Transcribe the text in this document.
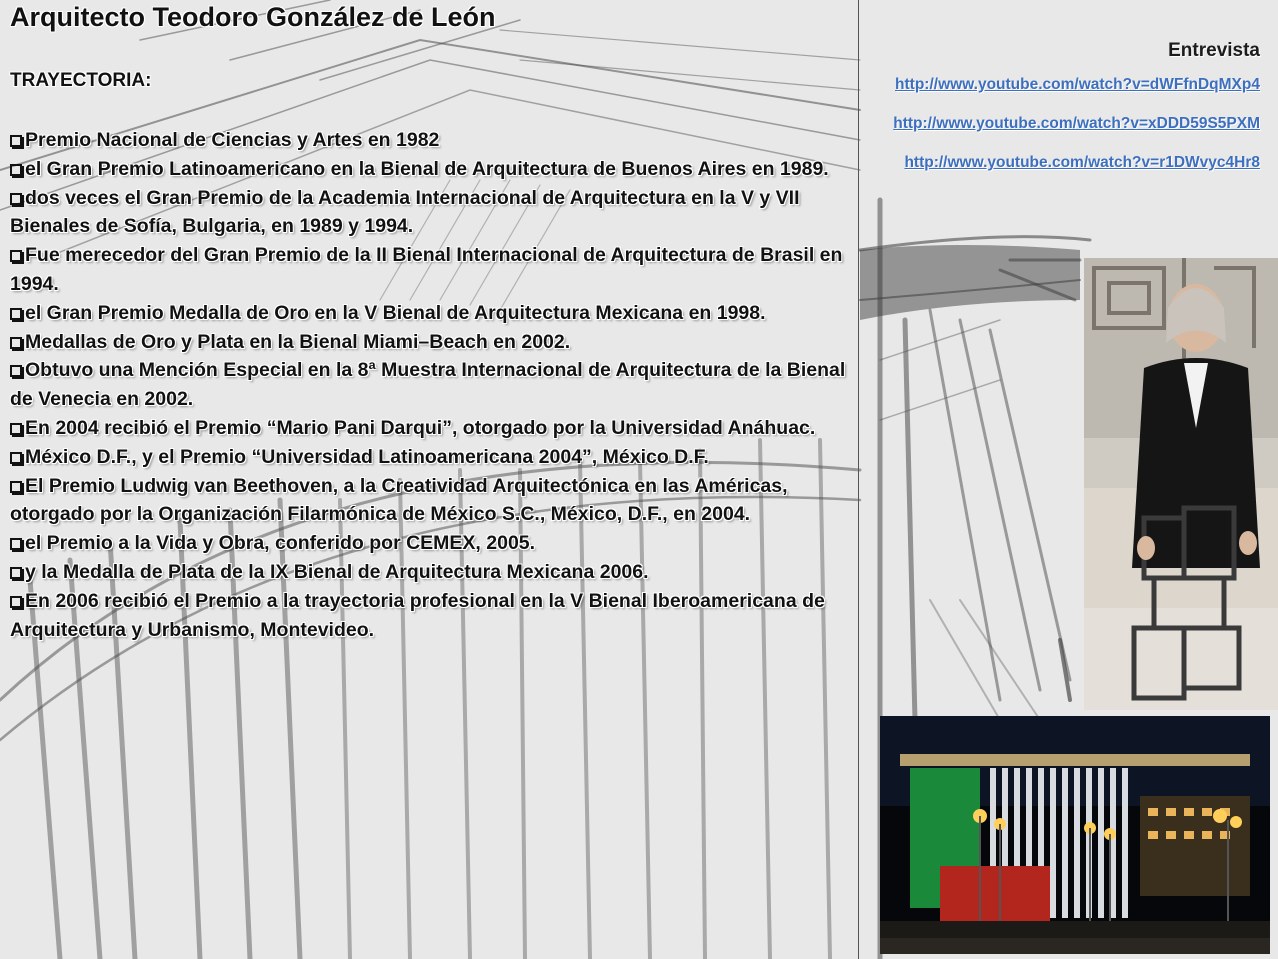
Arquitecto Teodoro González de León
TRAYECTORIA:
Premio Nacional de Ciencias y Artes en 1982
el Gran Premio Latinoamericano en la Bienal de Arquitectura de Buenos Aires en 1989.
dos veces el Gran Premio de la Academia Internacional de Arquitectura en la V y VII Bienales de Sofía, Bulgaria, en 1989 y 1994.
Fue merecedor del Gran Premio de la II Bienal Internacional de Arquitectura de Brasil en 1994.
el Gran Premio Medalla de Oro en la V Bienal de Arquitectura Mexicana en 1998.
Medallas de Oro y Plata en la Bienal Miami–Beach en 2002.
Obtuvo una Mención Especial en la 8ª Muestra Internacional de Arquitectura de la Bienal de Venecia en 2002.
En 2004 recibió el Premio “Mario Pani Darqui”, otorgado por la Universidad Anáhuac.
México D.F., y el Premio “Universidad Latinoamericana 2004”, México D.F.
El Premio Ludwig van Beethoven, a la Creatividad Arquitectónica en las Américas, otorgado por la Organización Filarmónica de México S.C., México, D.F., en 2004.
el Premio a la Vida y Obra, conferido por CEMEX, 2005.
y la Medalla de Plata de la IX Bienal de Arquitectura Mexicana 2006.
En 2006 recibió el Premio a la trayectoria profesional en la V Bienal Iberoamericana de Arquitectura y Urbanismo, Montevideo.

Entrevista

http://www.youtube.com/watch?v=dWFfnDqMXp4
http://www.youtube.com/watch?v=xDDD59S5PXM
http://www.youtube.com/watch?v=r1DWvyc4Hr8
